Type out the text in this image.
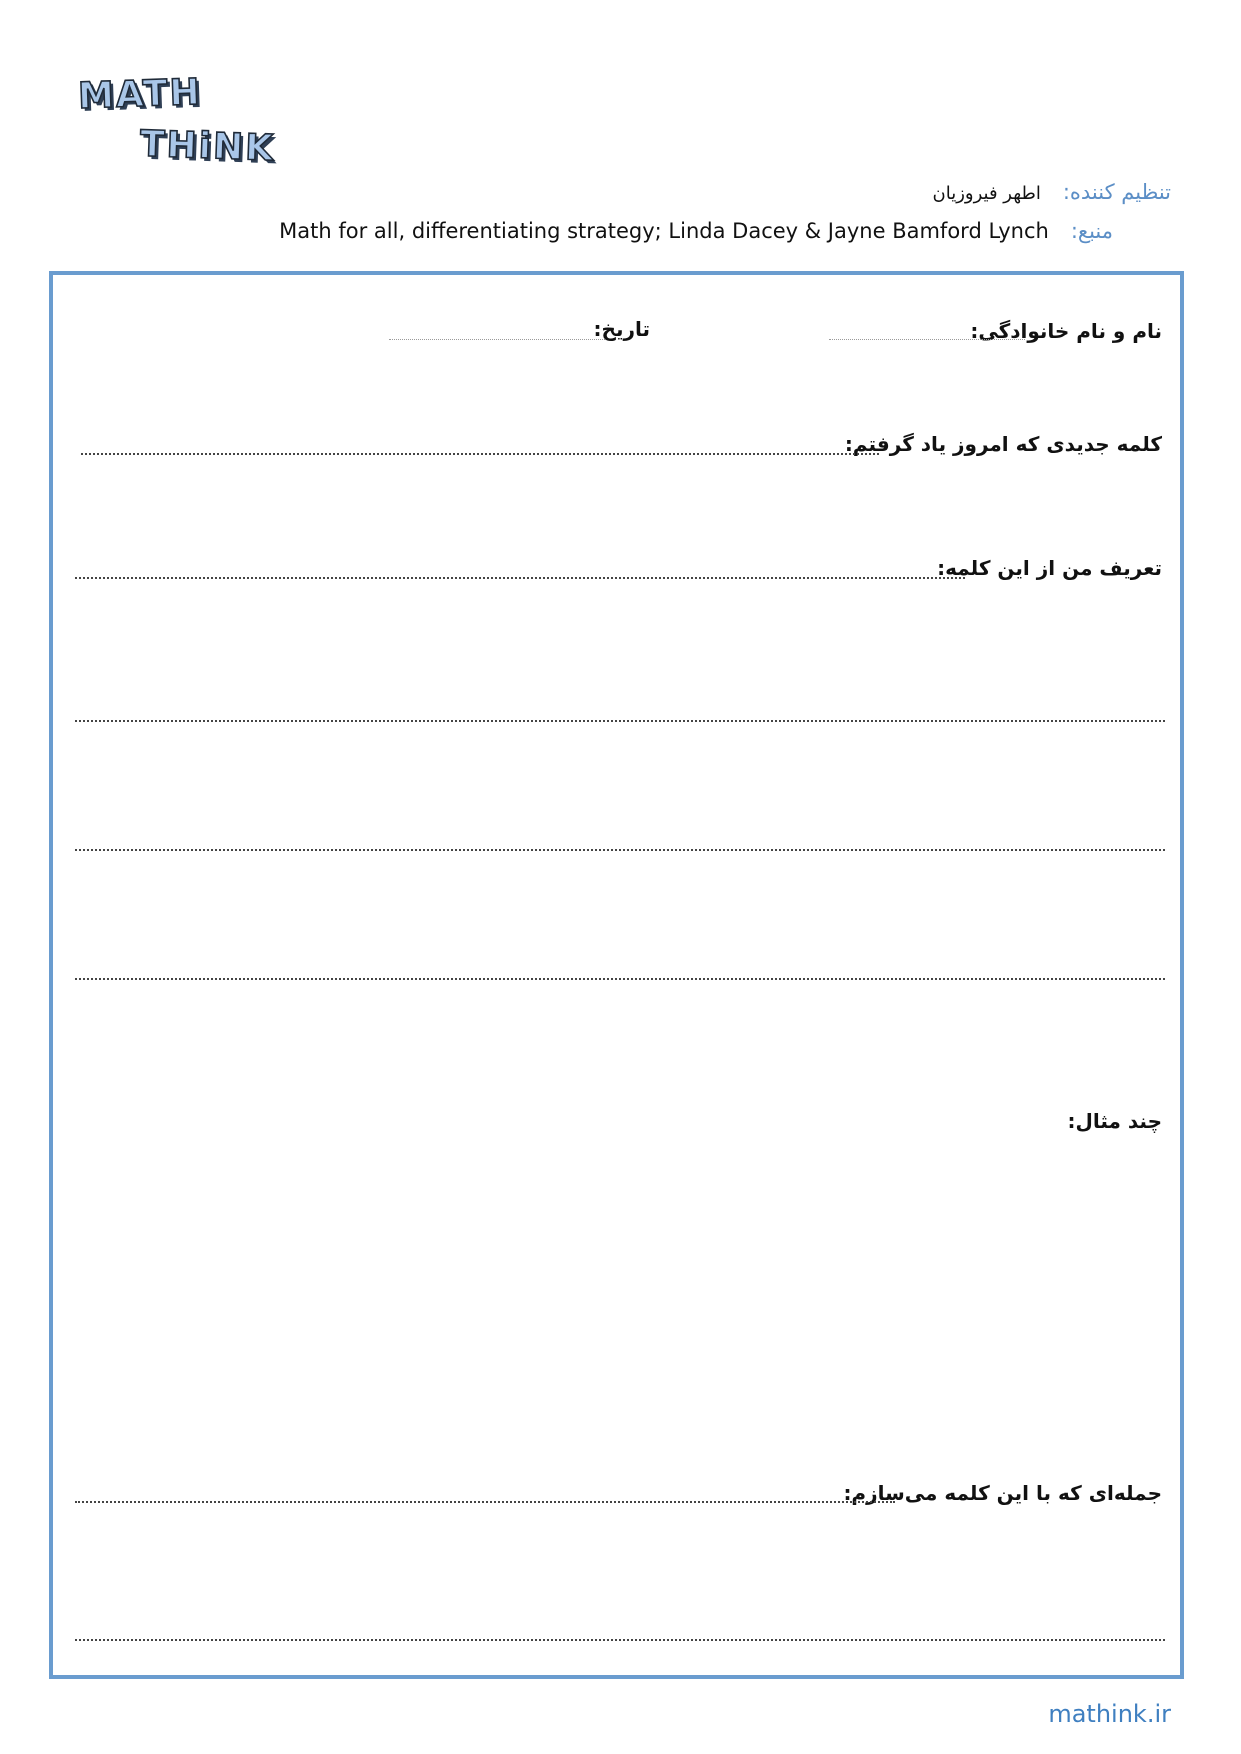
MATH
THiNK
تنظیم کننده:
اطهر فیروزیان
منبع:
Math for all, differentiating strategy; Linda Dacey & Jayne Bamford Lynch
نام و نام خانوادگی:
تاریخ:
کلمه جدیدی که امروز یاد گرفتم:
تعریف من از این کلمه:
چند مثال:
جمله‌ای که با این کلمه می‌سازم:
mathink.ir
